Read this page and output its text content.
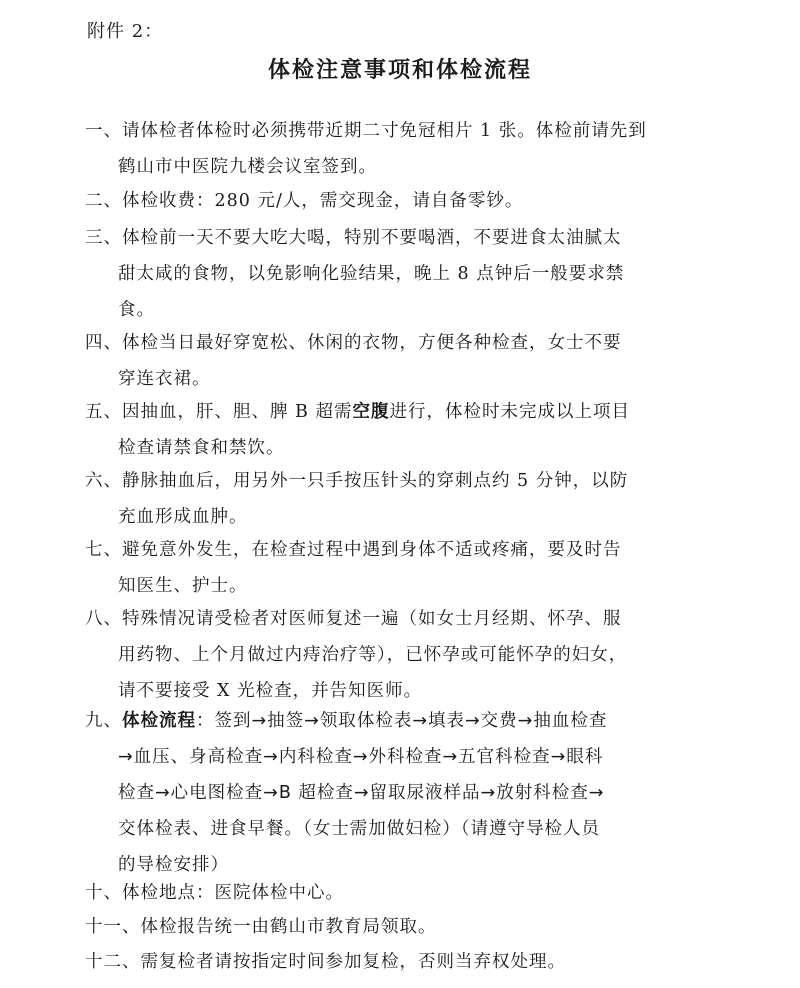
附件 2：
体检注意事项和体检流程
一、请体检者体检时必须携带近期二寸免冠相片 1 张。体检前请先到
鹤山市中医院九楼会议室签到。
二、体检收费：280 元/人，需交现金，请自备零钞。
三、体检前一天不要大吃大喝，特别不要喝酒，不要进食太油腻太
甜太咸的食物，以免影响化验结果，晚上 8 点钟后一般要求禁
食。
四、体检当日最好穿宽松、休闲的衣物，方便各种检查，女士不要
穿连衣裙。
五、因抽血，肝、胆、脾 B 超需空腹进行，体检时未完成以上项目
检查请禁食和禁饮。
六、静脉抽血后，用另外一只手按压针头的穿刺点约 5 分钟，以防
充血形成血肿。
七、避免意外发生，在检查过程中遇到身体不适或疼痛，要及时告
知医生、护士。
八、特殊情况请受检者对医师复述一遍（如女士月经期、怀孕、服
用药物、上个月做过内痔治疗等），已怀孕或可能怀孕的妇女，
请不要接受 X 光检查，并告知医师。
九、体检流程：签到→抽签→领取体检表→填表→交费→抽血检查
→血压、身高检查→内科检查→外科检查→五官科检查→眼科
检查→心电图检查→B 超检查→留取尿液样品→放射科检查→
交体检表、进食早餐。（女士需加做妇检）（请遵守导检人员
的导检安排）
十、体检地点：医院体检中心。
十一、体检报告统一由鹤山市教育局领取。
十二、需复检者请按指定时间参加复检，否则当弃权处理。
